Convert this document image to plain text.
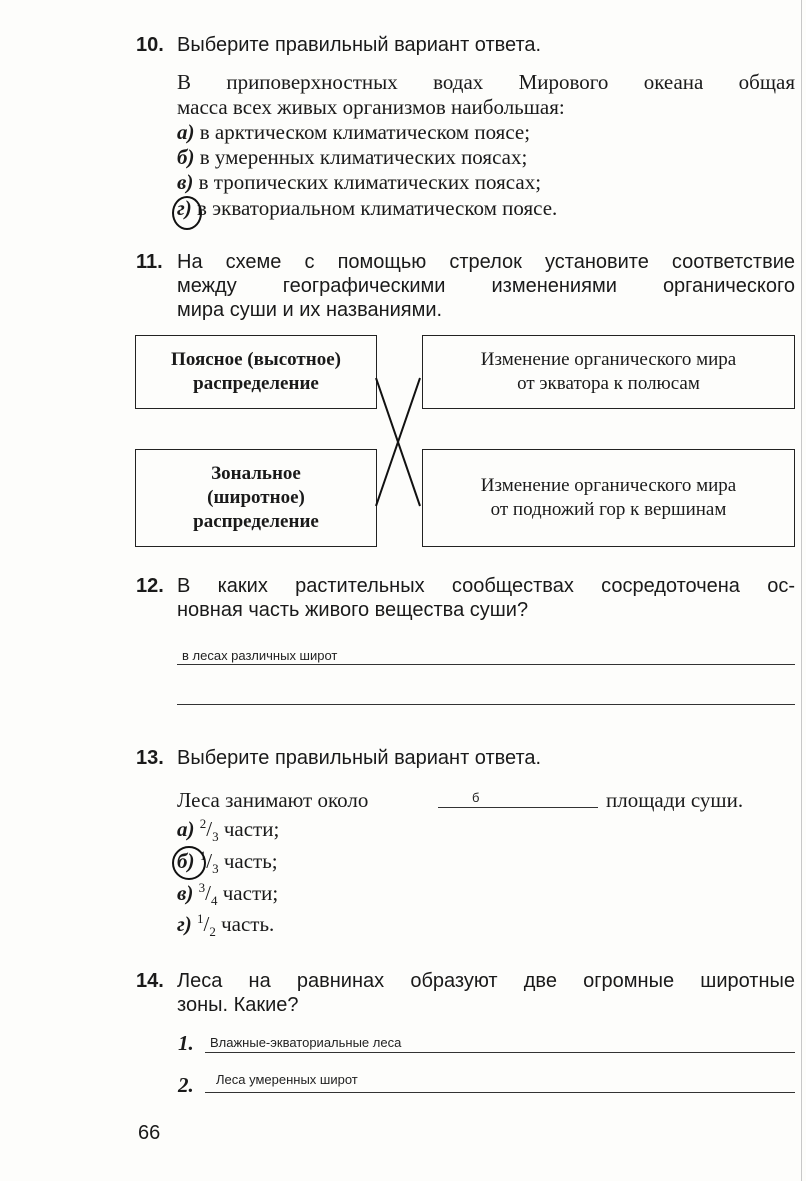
10. Выберите правильный вариант ответа.
В приповерхностных водах Мирового океана общая
масса всех живых организмов наибольшая:
а) в арктическом климатическом поясе;
б) в умеренных климатических поясах;
в) в тропических климатических поясах;
г) в экваториальном климатическом поясе.
11. На схеме с помощью стрелок установите соответствие
между географическими изменениями органического
мира суши и их названиями.
Поясное (высотное)
распределение
Зональное
(широтное)
распределение
Изменение органического мира
от экватора к полюсам
Изменение органического мира
от подножий гор к вершинам
12. В каких растительных сообществах сосредоточена ос-
новная часть живого вещества суши?
в лесах различных широт
13. Выберите правильный вариант ответа.
Леса занимают около	б	площади суши.
а) $^2/_3$ части;
б) $^1/_3$ часть;
в) $^3/_4$ части;
г) $^1/_2$ часть.
14. Леса на равнинах образуют две огромные широтные
зоны. Какие?
1. Влажные-экваториальные леса
2. Леса умеренных широт
66
